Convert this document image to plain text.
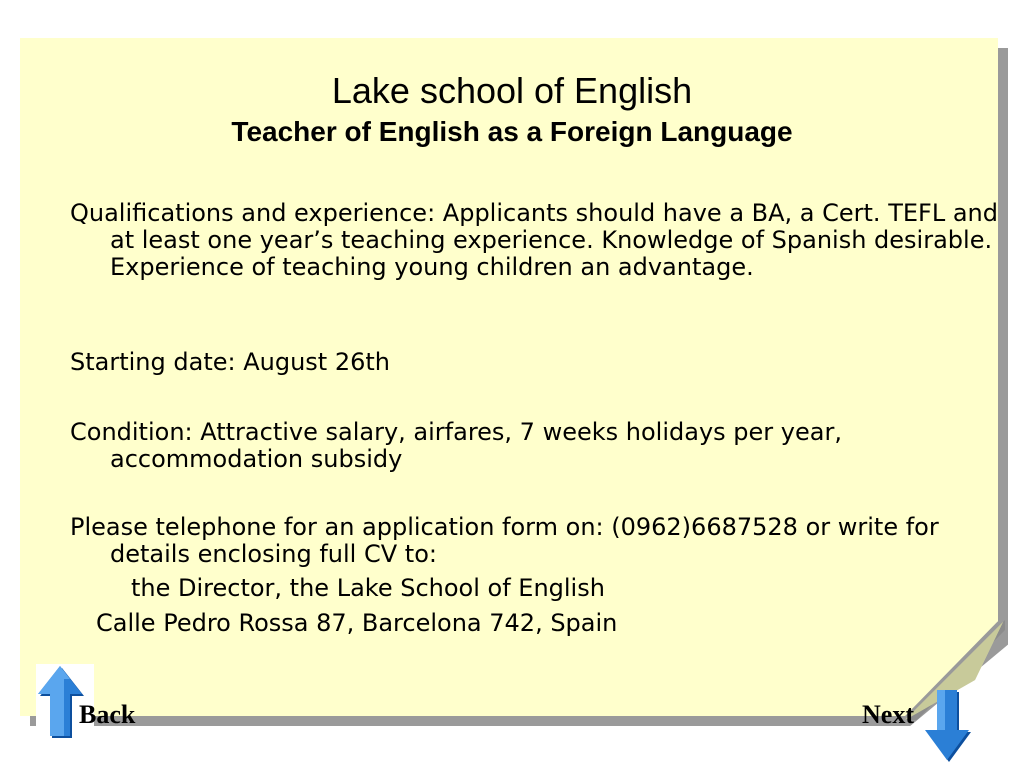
Lake school of English
Teacher of English as a Foreign Language
Qualifications and experience: Applicants should have a BA, a Cert. TEFL and at least one year’s teaching experience. Knowledge of Spanish desirable. Experience of teaching young children an advantage.
Starting date: August 26th
Condition: Attractive salary, airfares, 7 weeks holidays per year, accommodation subsidy
Please telephone for an application form on: (0962)6687528 or write for details enclosing full CV to:
the Director, the Lake School of English
Calle Pedro Rossa 87, Barcelona 742, Spain
Back	Next
